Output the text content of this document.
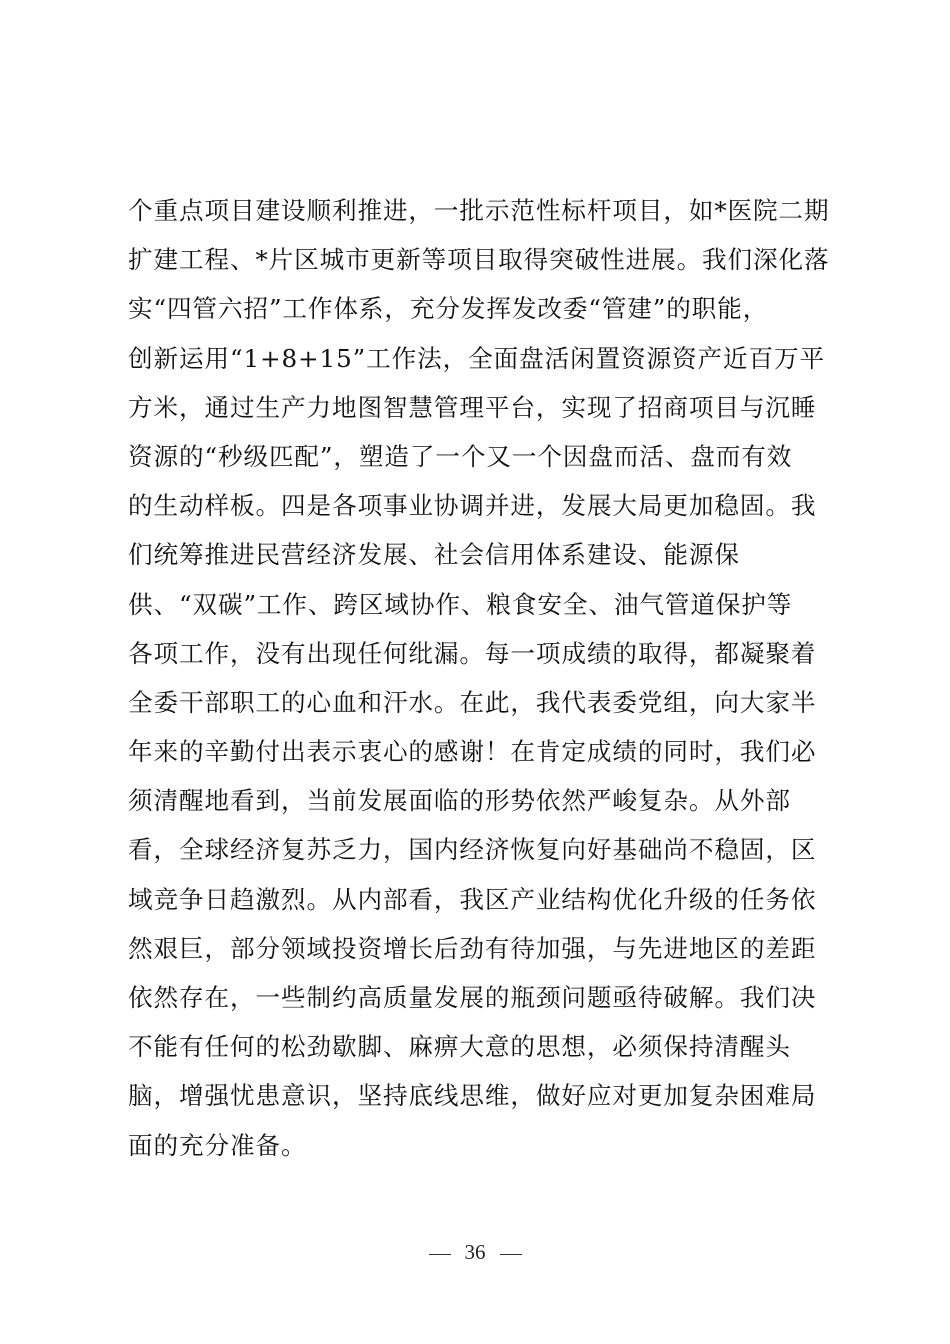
个重点项目建设顺利推进，一批示范性标杆项目，如*医院二期
扩建工程、*片区城市更新等项目取得突破性进展。我们深化落
实“四管六招”工作体系，充分发挥发改委“管建”的职能，
创新运用“1+8+15”工作法，全面盘活闲置资源资产近百万平
方米，通过生产力地图智慧管理平台，实现了招商项目与沉睡
资源的“秒级匹配”，塑造了一个又一个因盘而活、盘而有效
的生动样板。四是各项事业协调并进，发展大局更加稳固。我
们统筹推进民营经济发展、社会信用体系建设、能源保
供、“双碳”工作、跨区域协作、粮食安全、油气管道保护等
各项工作，没有出现任何纰漏。每一项成绩的取得，都凝聚着
全委干部职工的心血和汗水。在此，我代表委党组，向大家半
年来的辛勤付出表示衷心的感谢！在肯定成绩的同时，我们必
须清醒地看到，当前发展面临的形势依然严峻复杂。从外部
看，全球经济复苏乏力，国内经济恢复向好基础尚不稳固，区
域竞争日趋激烈。从内部看，我区产业结构优化升级的任务依
然艰巨，部分领域投资增长后劲有待加强，与先进地区的差距
依然存在，一些制约高质量发展的瓶颈问题亟待破解。我们决
不能有任何的松劲歇脚、麻痹大意的思想，必须保持清醒头
脑，增强忧患意识，坚持底线思维，做好应对更加复杂困难局
面的充分准备。
36
